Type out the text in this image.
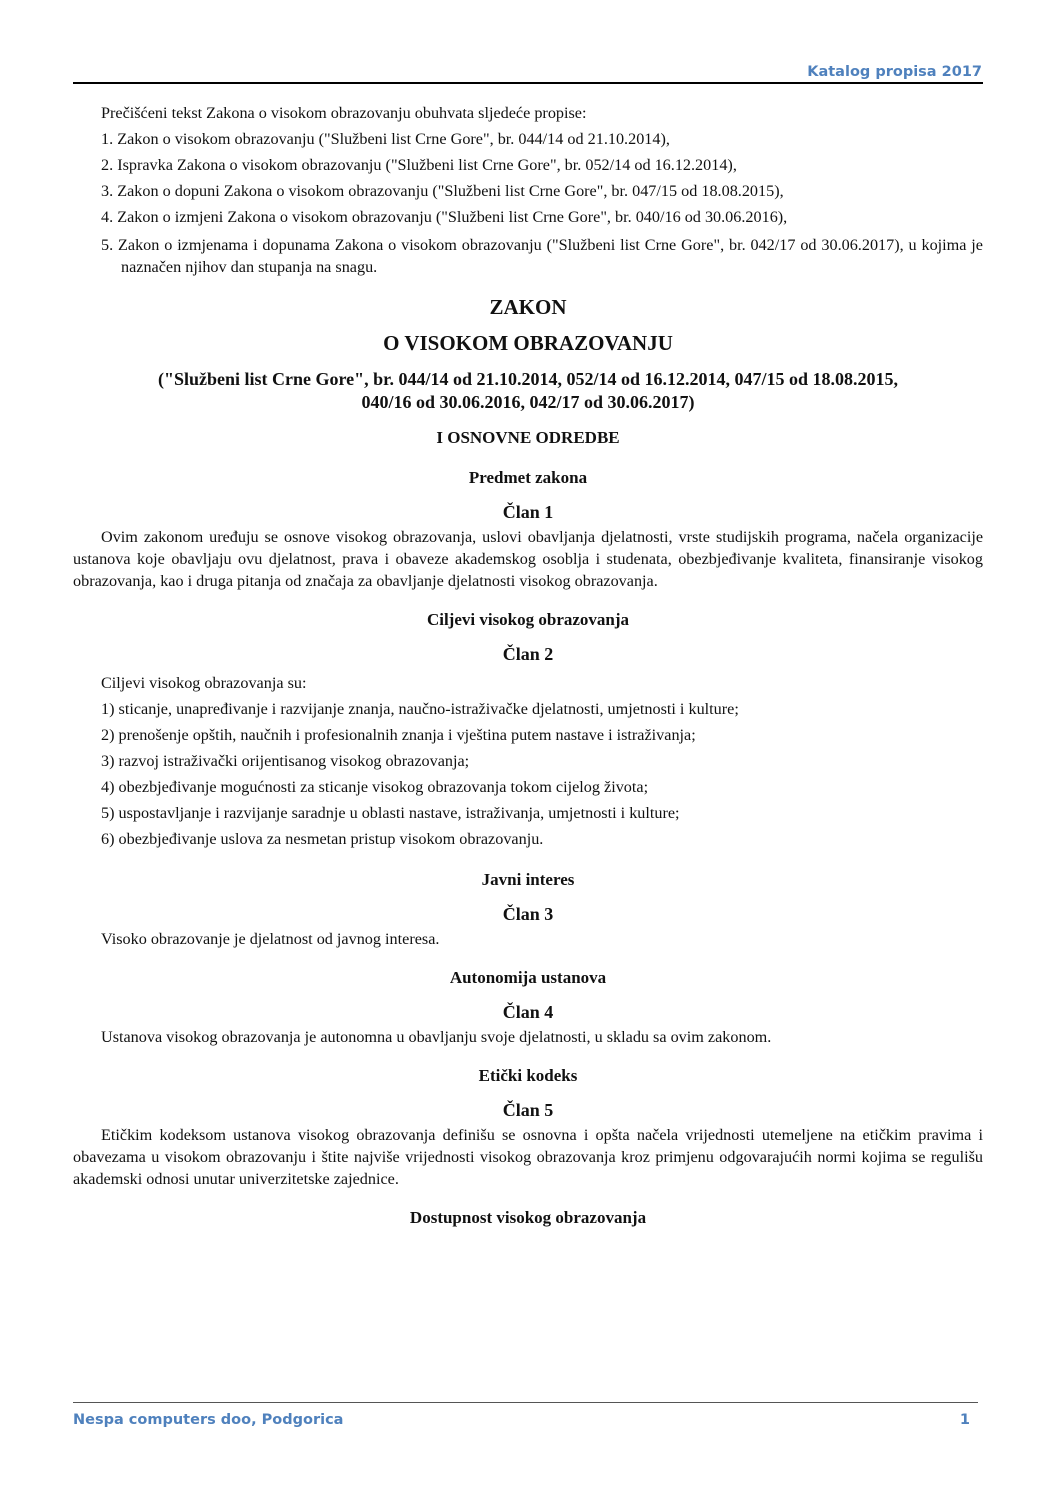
Katalog propisa 2017

Prečišćeni tekst Zakona o visokom obrazovanju obuhvata sljedeće propise:

1. Zakon o visokom obrazovanju ("Službeni list Crne Gore", br. 044/14 od 21.10.2014),

2. Ispravka Zakona o visokom obrazovanju ("Službeni list Crne Gore", br. 052/14 od 16.12.2014),

3. Zakon o dopuni Zakona o visokom obrazovanju ("Službeni list Crne Gore", br. 047/15 od 18.08.2015),

4. Zakon o izmjeni Zakona o visokom obrazovanju ("Službeni list Crne Gore", br. 040/16 od 30.06.2016),

5. Zakon o izmjenama i dopunama Zakona o visokom obrazovanju ("Službeni list Crne Gore", br. 042/17 od 30.06.2017), u kojima je naznačen njihov dan stupanja na snagu.

ZAKON

O VISOKOM OBRAZOVANJU

("Službeni list Crne Gore", br. 044/14 od 21.10.2014, 052/14 od 16.12.2014, 047/15 od 18.08.2015,

040/16 od 30.06.2016, 042/17 od 30.06.2017)

I OSNOVNE ODREDBE

Predmet zakona

Član 1

Ovim zakonom uređuju se osnove visokog obrazovanja, uslovi obavljanja djelatnosti, vrste studijskih programa, načela organizacije ustanova koje obavljaju ovu djelatnost, prava i obaveze akademskog osoblja i studenata, obezbjeđivanje kvaliteta, finansiranje visokog obrazovanja, kao i druga pitanja od značaja za obavljanje djelatnosti visokog obrazovanja.

Ciljevi visokog obrazovanja

Član 2

Ciljevi visokog obrazovanja su:

1) sticanje, unapređivanje i razvijanje znanja, naučno-istraživačke djelatnosti, umjetnosti i kulture;

2) prenošenje opštih, naučnih i profesionalnih znanja i vještina putem nastave i istraživanja;

3) razvoj istraživački orijentisanog visokog obrazovanja;

4) obezbjeđivanje mogućnosti za sticanje visokog obrazovanja tokom cijelog života;

5) uspostavljanje i razvijanje saradnje u oblasti nastave, istraživanja, umjetnosti i kulture;

6) obezbjeđivanje uslova za nesmetan pristup visokom obrazovanju.

Javni interes

Član 3

Visoko obrazovanje je djelatnost od javnog interesa.

Autonomija ustanova

Član 4

Ustanova visokog obrazovanja je autonomna u obavljanju svoje djelatnosti, u skladu sa ovim zakonom.

Etički kodeks

Član 5

Etičkim kodeksom ustanova visokog obrazovanja definišu se osnovna i opšta načela vrijednosti utemeljene na etičkim pravima i obavezama u visokom obrazovanju i štite najviše vrijednosti visokog obrazovanja kroz primjenu odgovarajućih normi kojima se regulišu akademski odnosi unutar univerzitetske zajednice.

Dostupnost visokog obrazovanja

Nespa computers doo, Podgorica	1
